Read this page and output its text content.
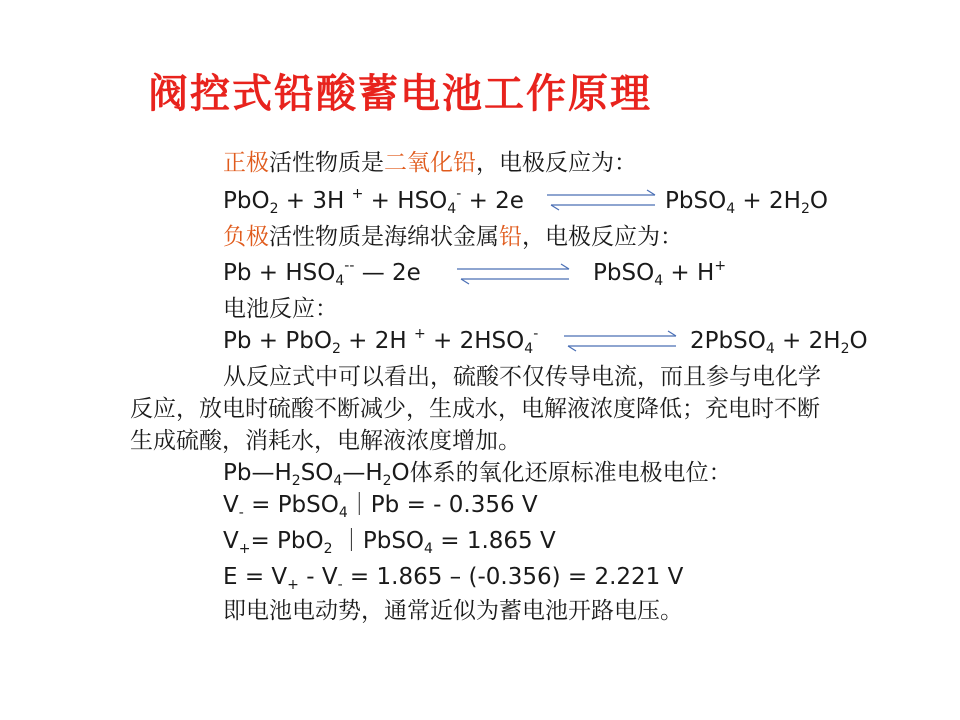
阀控式铅酸蓄电池工作原理
正极活性物质是二氧化铅，电极反应为：
PbO$_2$ + 3H $^+ + HSO_4^- + 2e$	PbSO$_4$ + $2H_2O$
负极活性物质是海绵状金属铅，电极反应为：
$Pb + HSO_4^{--}$ — 2e	PbSO$_4$ + H+
电池反应：
Pb + PbO$_2$ + 2H $^+ + 2HSO_4^-$	2PbSO$_4$ + $2H_2O$
从反应式中可以看出，硫酸不仅传导电流，而且参与电化学
反应，放电时硫酸不断减少，生成水，电解液浓度降低；充电时不断
生成硫酸，消耗水，电解液浓度增加。
$Pb—H_2SO_4—H_2O$体系的氧化还原标准电极电位：
$V_-$ = PbSO$_4$｜Pb = - 0.356 V
$V_+= PbO_2$ ｜PbSO$_4$ = 1.865 V
$E = V_+ - V_- = 1.865 - (-0.356) = 2.221$ V
即电池电动势，通常近似为蓄电池开路电压。
